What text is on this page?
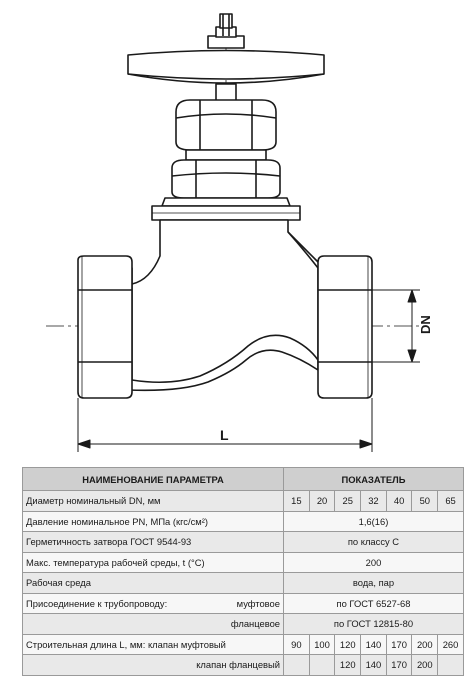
L
DN
НАИМЕНОВАНИЕ ПАРАМЕТРА	ПОКАЗАТЕЛЬ						
Диаметр номинальный DN, мм	15	20	25	32	40	50	65
Давление номинальное PN, МПа (кгс/см²)	1,6(16)						
Герметичность затвора ГОСТ 9544-93	по классу С						
Макс. температура рабочей среды, t (°C)	200						
Рабочая среда	вода, пар						
Присоединение к трубопроводу: муфтовое	по ГОСТ 6527-68						
фланцевое	по ГОСТ 12815-80						
Строительная длина L, мм: клапан муфтовый	90	100	120	140	170	200	260
клапан фланцевый			120	140	170	200	
